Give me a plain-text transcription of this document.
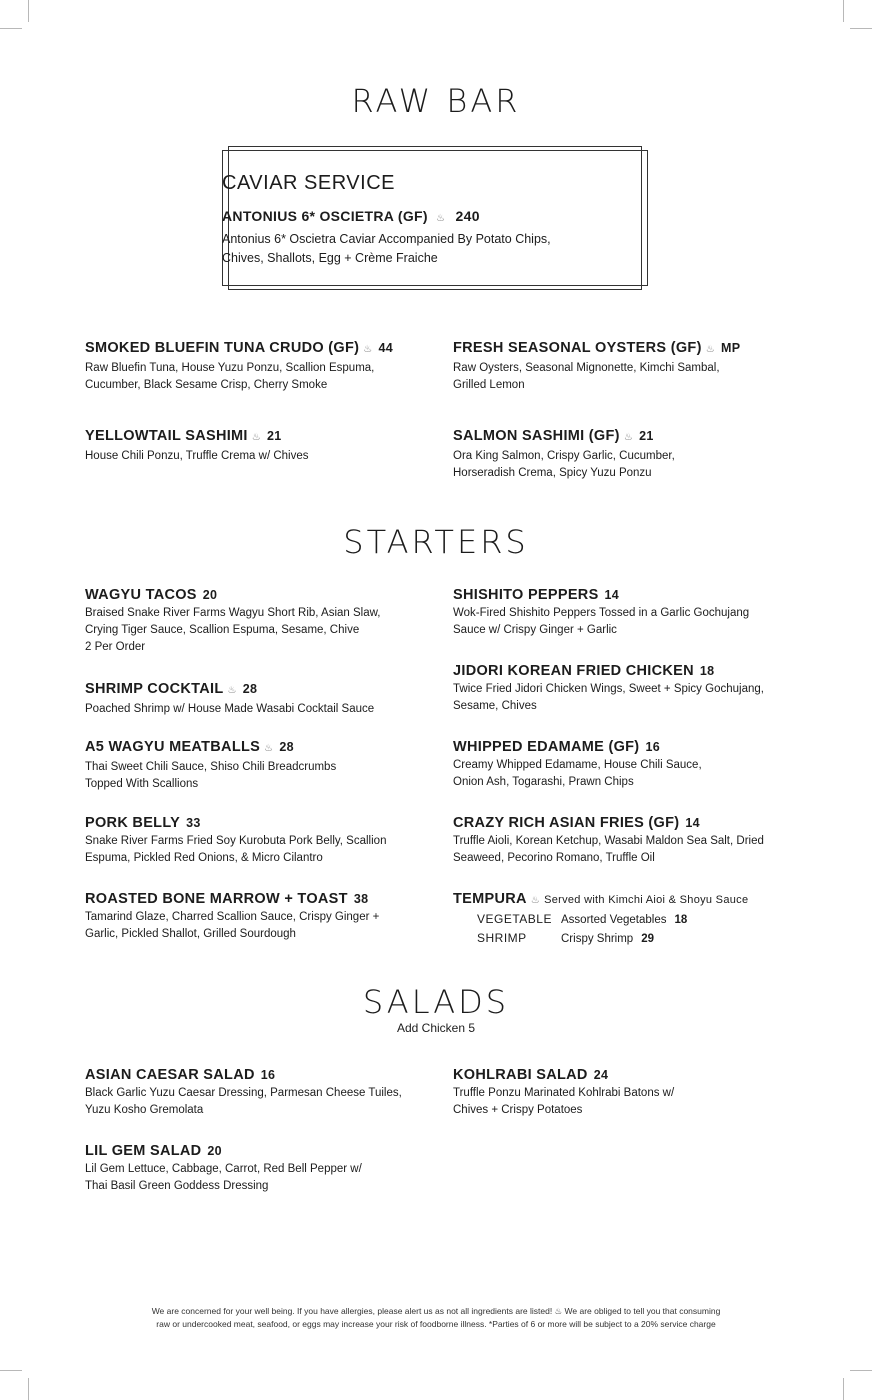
RAW BAR
CAVIAR SERVICE
ANTONIUS 6* OSCIETRA (GF) ♨ 240
Antonius 6* Oscietra Caviar Accompanied By Potato Chips,
Chives, Shallots, Egg + Crème Fraiche
SMOKED BLUEFIN TUNA CRUDO (GF) ♨ 44
Raw Bluefin Tuna, House Yuzu Ponzu, Scallion Espuma, Cucumber, Black Sesame Crisp, Cherry Smoke
FRESH SEASONAL OYSTERS (GF) ♨ MP
Raw Oysters, Seasonal Mignonette, Kimchi Sambal, Grilled Lemon
YELLOWTAIL SASHIMI ♨ 21
House Chili Ponzu, Truffle Crema w/ Chives
SALMON SASHIMI (GF) ♨ 21
Ora King Salmon, Crispy Garlic, Cucumber, Horseradish Crema, Spicy Yuzu Ponzu
STARTERS
WAGYU TACOS 20
Braised Snake River Farms Wagyu Short Rib, Asian Slaw, Crying Tiger Sauce, Scallion Espuma, Sesame, Chive
2 Per Order
SHISHITO PEPPERS 14
Wok-Fired Shishito Peppers Tossed in a Garlic Gochujang Sauce w/ Crispy Ginger + Garlic
SHRIMP COCKTAIL ♨ 28
Poached Shrimp w/ House Made Wasabi Cocktail Sauce
JIDORI KOREAN FRIED CHICKEN 18
Twice Fried Jidori Chicken Wings, Sweet + Spicy Gochujang, Sesame, Chives
A5 WAGYU MEATBALLS ♨ 28
Thai Sweet Chili Sauce, Shiso Chili Breadcrumbs Topped With Scallions
WHIPPED EDAMAME (GF) 16
Creamy Whipped Edamame, House Chili Sauce, Onion Ash, Togarashi, Prawn Chips
PORK BELLY 33
Snake River Farms Fried Soy Kurobuta Pork Belly, Scallion Espuma, Pickled Red Onions, & Micro Cilantro
CRAZY RICH ASIAN FRIES (GF) 14
Truffle Aioli, Korean Ketchup, Wasabi Maldon Sea Salt, Dried Seaweed, Pecorino Romano, Truffle Oil
ROASTED BONE MARROW + TOAST 38
Tamarind Glaze, Charred Scallion Sauce, Crispy Ginger + Garlic, Pickled Shallot, Grilled Sourdough
TEMPURA ♨ Served with Kimchi Aioi & Shoyu Sauce
VEGETABLE Assorted Vegetables 18
SHRIMP	Crispy Shrimp 29
SALADS
Add Chicken 5
ASIAN CAESAR SALAD 16
Black Garlic Yuzu Caesar Dressing, Parmesan Cheese Tuiles, Yuzu Kosho Gremolata
KOHLRABI SALAD 24
Truffle Ponzu Marinated Kohlrabi Batons w/ Chives + Crispy Potatoes
LIL GEM SALAD 20
Lil Gem Lettuce, Cabbage, Carrot, Red Bell Pepper w/ Thai Basil Green Goddess Dressing
We are concerned for your well being. If you have allergies, please alert us as not all ingredients are listed! ♨ We are obliged to tell you that consuming
raw or undercooked meat, seafood, or eggs may increase your risk of foodborne illness. *Parties of 6 or more will be subject to a 20% service charge
